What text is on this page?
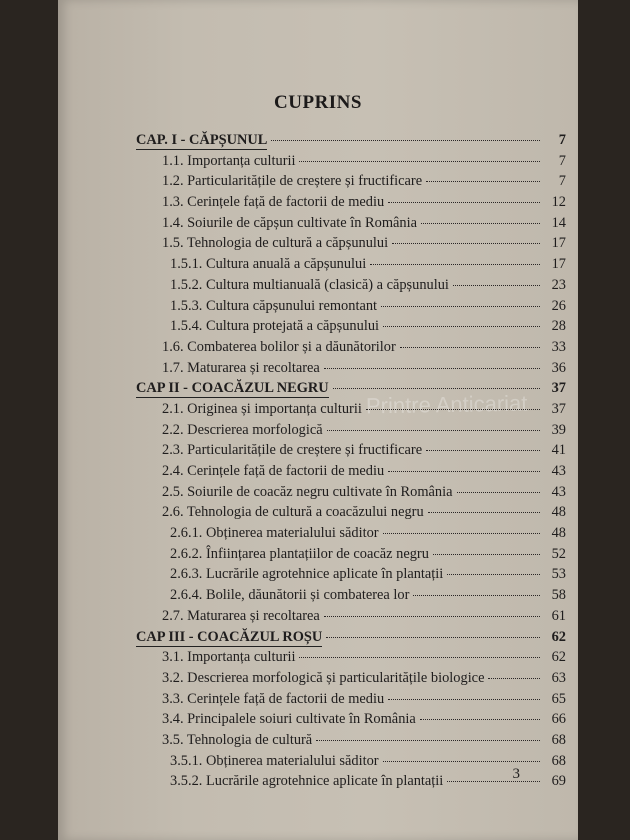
Printre Anticariat
CUPRINS
CAP. I - CĂPȘUNUL	7
1.1. Importanța culturii	7
1.2. Particularitățile de creștere și fructificare	7
1.3. Cerințele față de factorii de mediu	12
1.4. Soiurile de căpșun cultivate în România	14
1.5. Tehnologia de cultură a căpșunului	17
1.5.1. Cultura anuală a căpșunului	17
1.5.2. Cultura multianuală (clasică) a căpșunului	23
1.5.3. Cultura căpșunului remontant	26
1.5.4. Cultura protejată a căpșunului	28
1.6. Combaterea bolilor și a dăunătorilor	33
1.7. Maturarea și recoltarea	36
CAP II - COACĂZUL NEGRU	37
2.1. Originea și importanța culturii	37
2.2. Descrierea morfologică	39
2.3. Particularitățile de creștere și fructificare	41
2.4. Cerințele față de factorii de mediu	43
2.5. Soiurile de coacăz negru cultivate în România	43
2.6. Tehnologia de cultură a coacăzului negru	48
2.6.1. Obținerea materialului săditor	48
2.6.2. Înființarea plantațiilor de coacăz negru	52
2.6.3. Lucrările agrotehnice aplicate în plantații	53
2.6.4. Bolile, dăunătorii și combaterea lor	58
2.7. Maturarea și recoltarea	61
CAP III - COACĂZUL ROȘU	62
3.1. Importanța culturii	62
3.2. Descrierea morfologică și particularitățile biologice	63
3.3. Cerințele față de factorii de mediu	65
3.4. Principalele soiuri cultivate în România	66
3.5. Tehnologia de cultură	68
3.5.1. Obținerea materialului săditor	68
3.5.2. Lucrările agrotehnice aplicate în plantații	69
3
